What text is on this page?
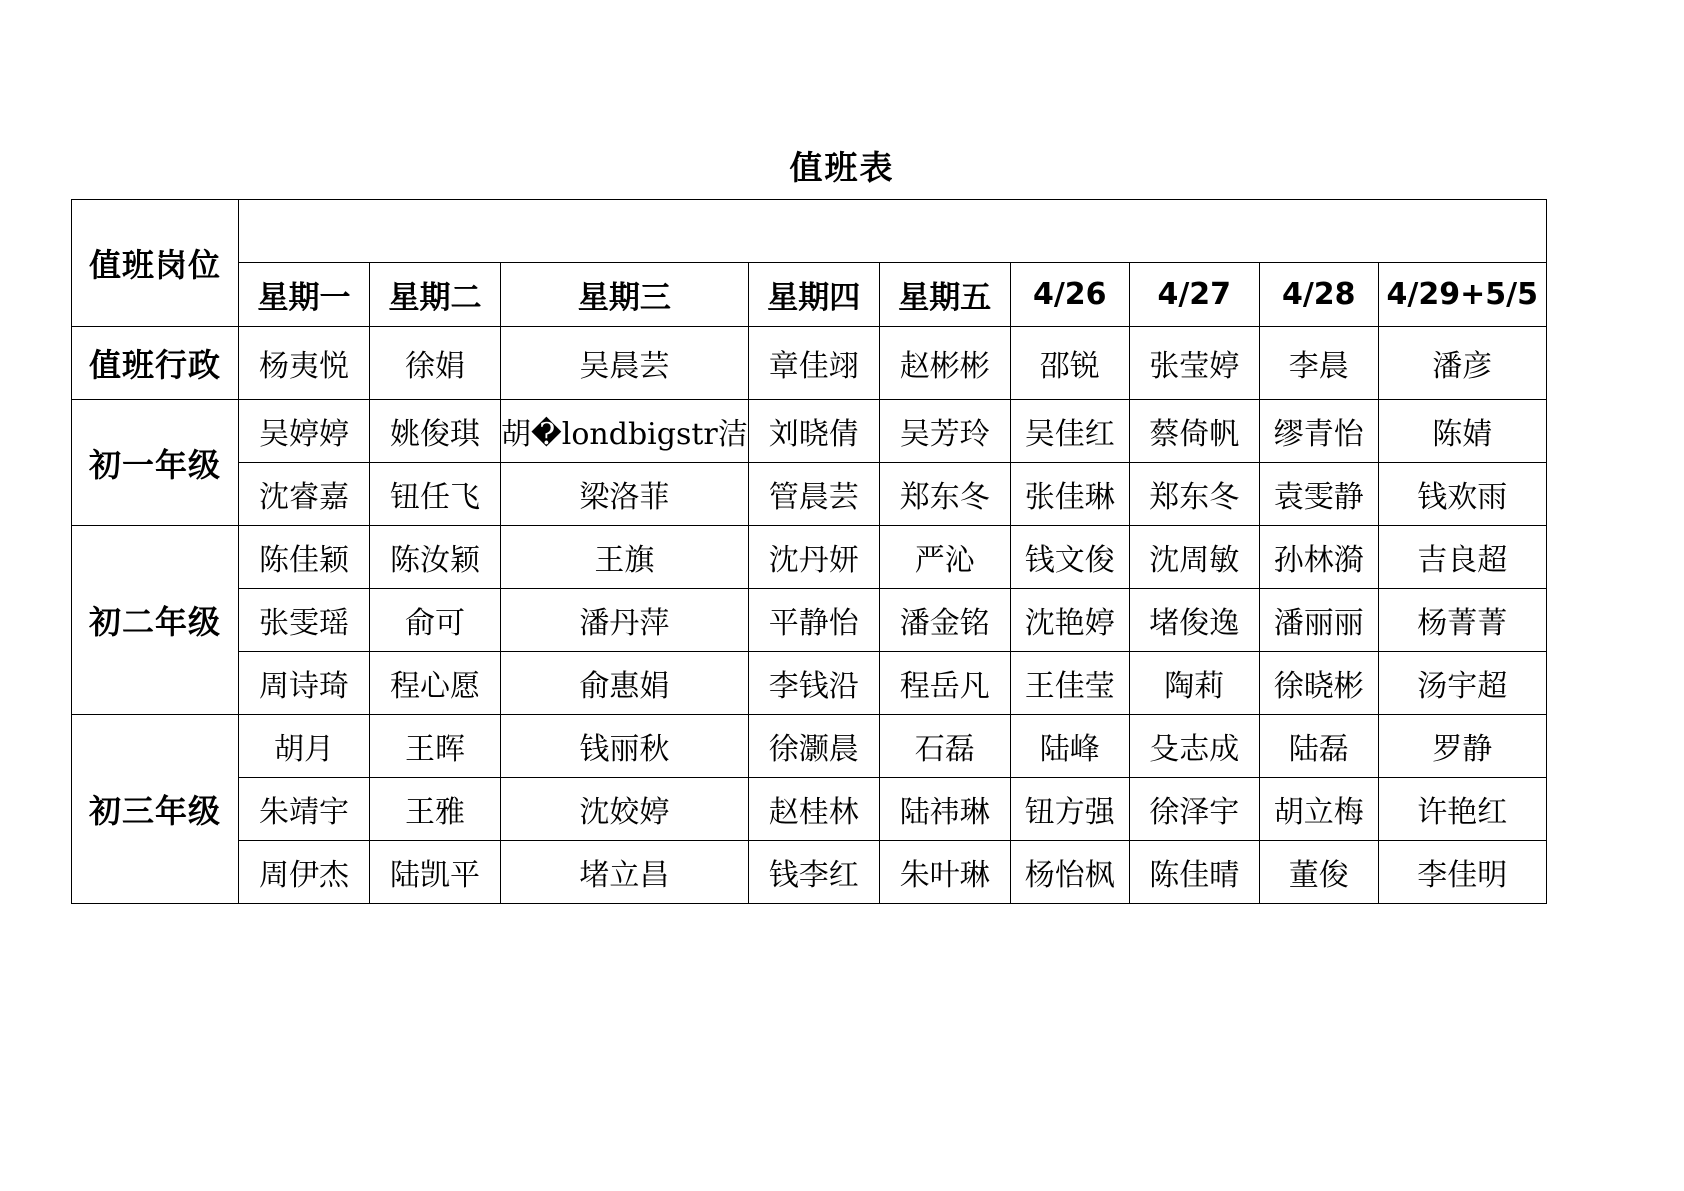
值班表
值班岗位									
	星期一	星期二	星期三	星期四	星期五	4/26	4/27	4/28	4/29+5/5
值班行政	杨夷悦	徐娟	吴晨芸	章佳翊	赵彬彬	邵锐	张莹婷	李晨	潘彦
初一年级	吴婷婷	姚俊琪	胡�londbigstr洁	刘晓倩	吴芳玲	吴佳红	蔡倚帆	缪青怡	陈婧
	沈睿嘉	钮任飞	梁洛菲	管晨芸	郑东冬	张佳琳	郑东冬	袁雯静	钱欢雨
初二年级	陈佳颖	陈汝颖	王旗	沈丹妍	严沁	钱文俊	沈周敏	孙林漪	吉良超
	张雯瑶	俞可	潘丹萍	平静怡	潘金铭	沈艳婷	堵俊逸	潘丽丽	杨菁菁
	周诗琦	程心愿	俞惠娟	李钱沿	程岳凡	王佳莹	陶莉	徐晓彬	汤宇超
初三年级	胡月	王晖	钱丽秋	徐灏晨	石磊	陆峰	殳志成	陆磊	罗静
	朱靖宇	王雅	沈姣婷	赵桂林	陆祎琳	钮方强	徐泽宇	胡立梅	许艳红
	周伊杰	陆凯平	堵立昌	钱李红	朱叶琳	杨怡枫	陈佳晴	董俊	李佳明
